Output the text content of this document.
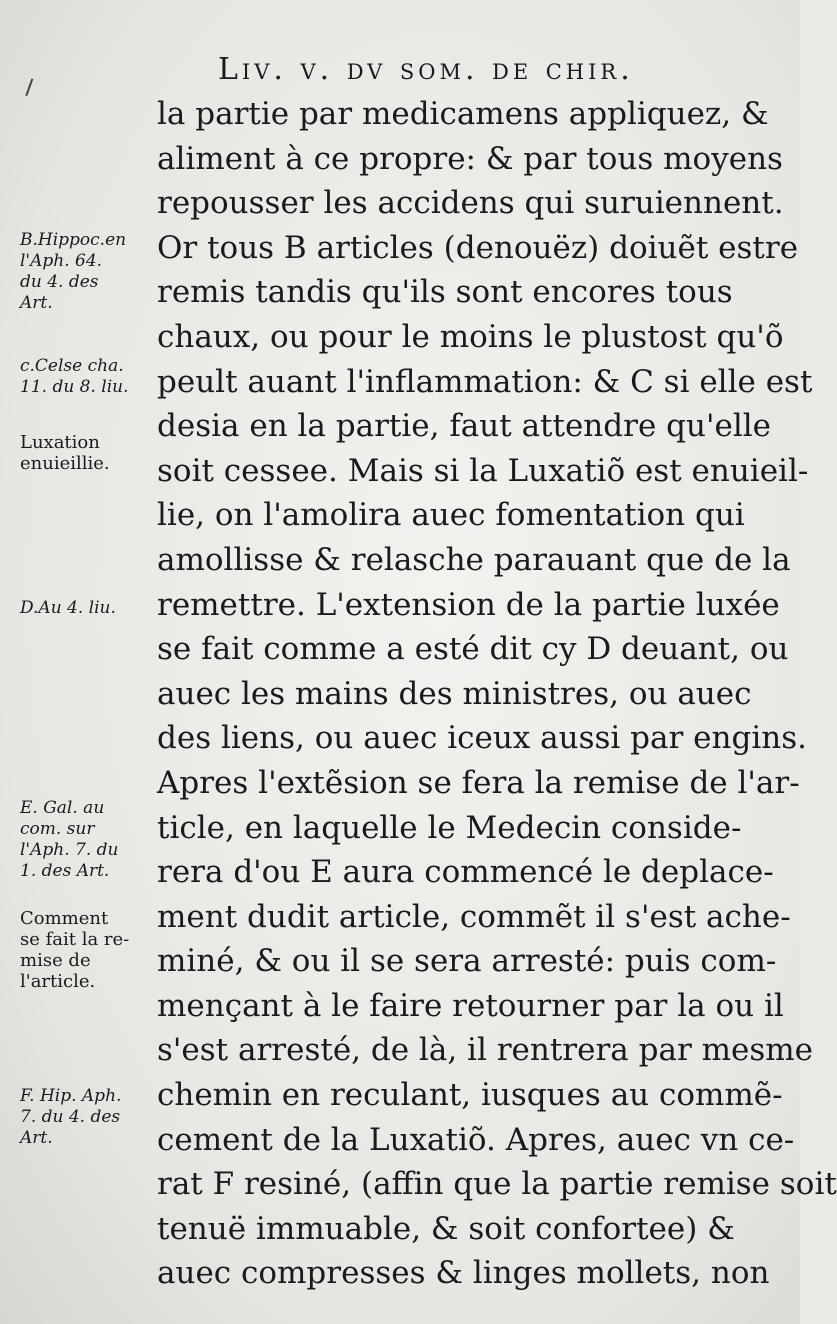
Liv. v. dv som. de chir.
la partie par medicamens appliquez, &
aliment à ce propre: & par tous moyens
repousser les accidens qui suruiennent.
Or tous B articles (denouëz) doiuẽt estre
remis tandis qu'ils sont encores tous
chaux, ou pour le moins le plustost qu'õ
peult auant l'inflammation: & C si elle est
desia en la partie, faut attendre qu'elle
soit cessee. Mais si la Luxatiõ est enuieil-
lie, on l'amolira auec fomentation qui
amollisse & relasche parauant que de la
remettre. L'extension de la partie luxée
se fait comme a esté dit cy D deuant, ou
auec les mains des ministres, ou auec
des liens, ou auec iceux aussi par engins.
Apres l'extẽsion se fera la remise de l'ar-
ticle, en laquelle le Medecin conside-
rera d'ou E aura commencé le deplace-
ment dudit article, commẽt il s'est ache-
miné, & ou il se sera arresté: puis com-
mençant à le faire retourner par la ou il
s'est arresté, de là, il rentrera par mesme
chemin en reculant, iusques au commẽ-
cement de la Luxatiõ. Apres, auec vn ce-
rat F resiné, (affin que la partie remise soit
tenuë immuable, & soit confortee) &
auec compresses & linges mollets, non
B.Hippoc.en
l'Aph. 64.
du 4. des
Art.
c.Celse cha.
11. du 8. liu.
Luxation
enuieillie.
D.Au 4. liu.
E. Gal. au
com. sur
l'Aph. 7. du
1. des Art.
Comment
se fait la re-
mise de
l'article.
F. Hip. Aph.
7. du 4. des
Art.
